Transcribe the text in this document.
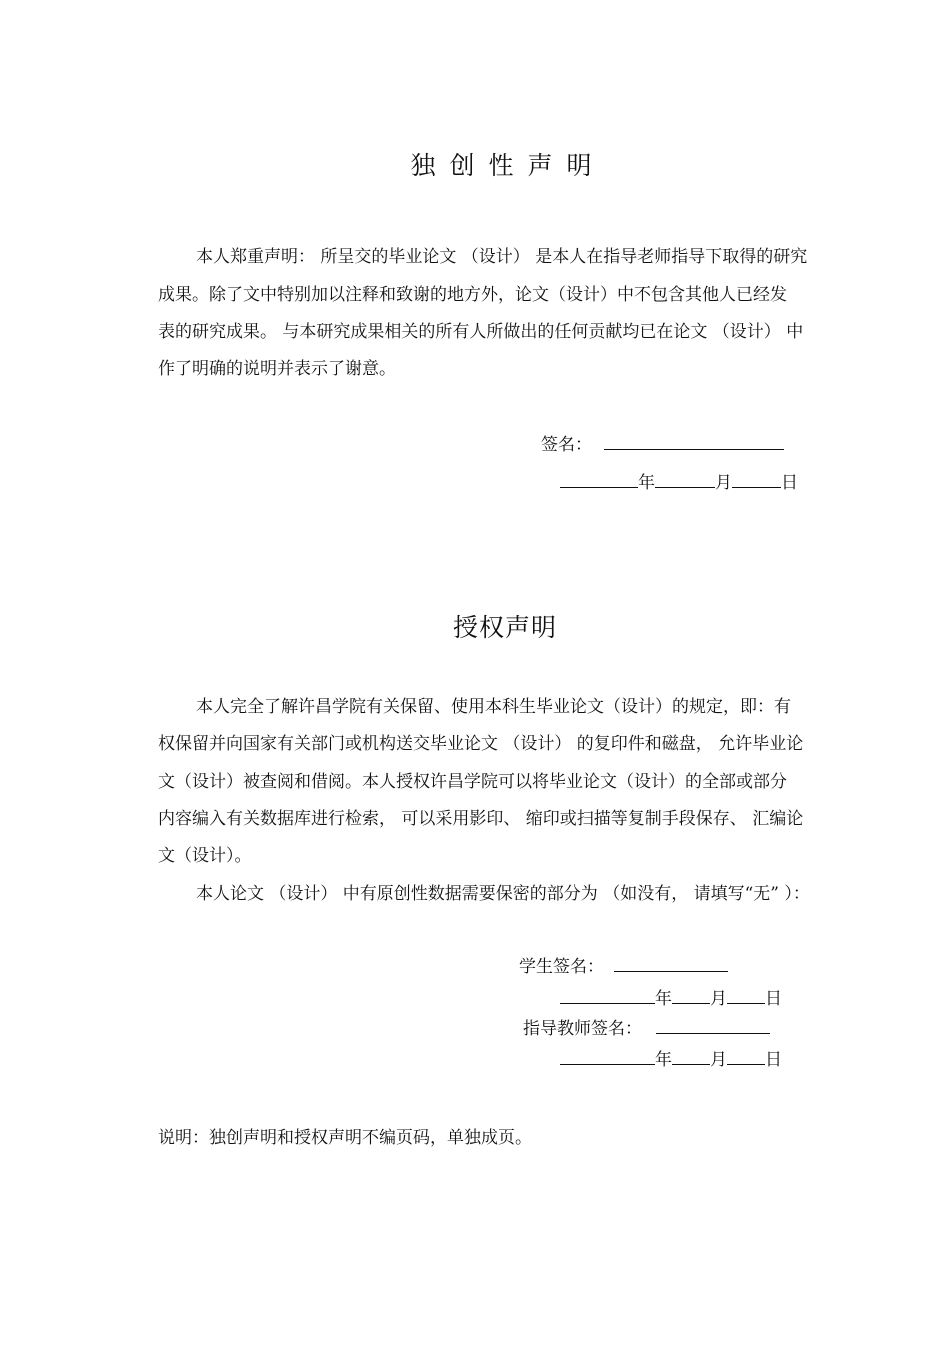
独创性声明
本人郑重声明： 所呈交的毕业论文 （设计） 是本人在指导老师指导下取得的研究
成果。除了文中特别加以注释和致谢的地方外，论文（设计）中不包含其他人已经发
表的研究成果。 与本研究成果相关的所有人所做出的任何贡献均已在论文 （设计） 中
作了明确的说明并表示了谢意。
签名：
年	月	日
授权声明
本人完全了解许昌学院有关保留、使用本科生毕业论文（设计）的规定，即：有
权保留并向国家有关部门或机构送交毕业论文 （设计） 的复印件和磁盘， 允许毕业论
文（设计）被查阅和借阅。本人授权许昌学院可以将毕业论文（设计）的全部或部分
内容编入有关数据库进行检索， 可以采用影印、 缩印或扫描等复制手段保存、 汇编论
文（设计）。
本人论文 （设计） 中有原创性数据需要保密的部分为 （如没有， 请填写“无” ）：
学生签名：
年 月 日
指导教师签名：
年 月 日
说明：独创声明和授权声明不编页码，单独成页。
